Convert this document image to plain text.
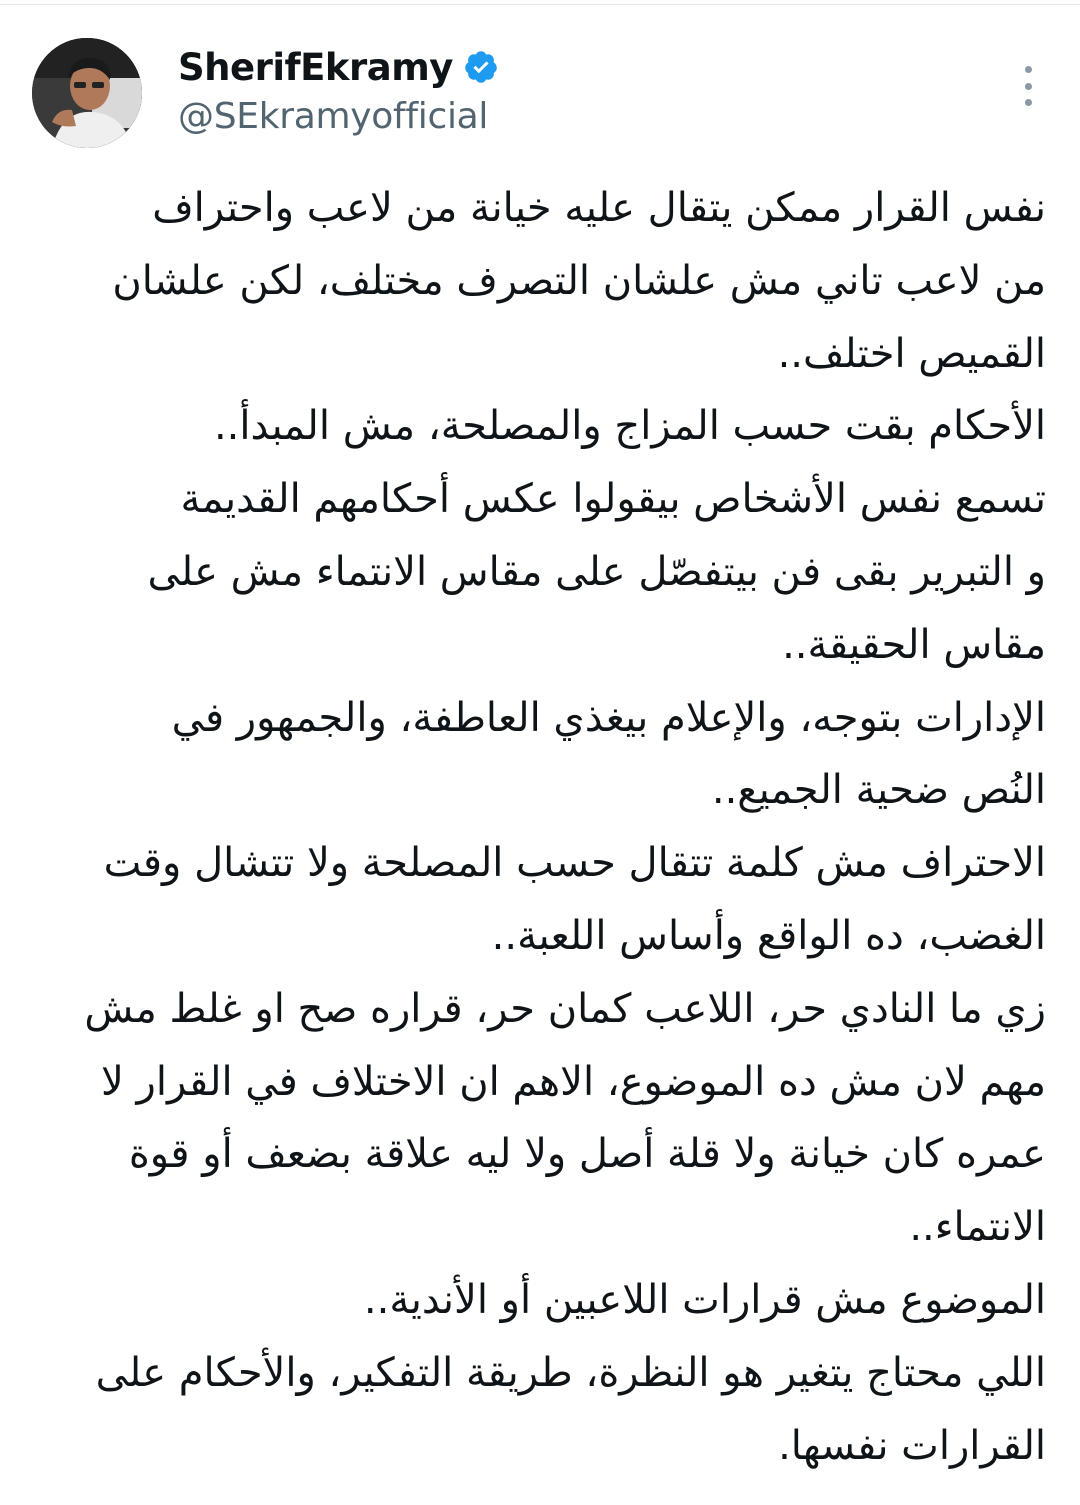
SherifEkramy
@SEkramyofficial
نفس القرار ممكن يتقال عليه خيانة من لاعب واحتراف
من لاعب تاني مش علشان التصرف مختلف، لكن علشان
القميص اختلف..
الأحكام بقت حسب المزاج والمصلحة، مش المبدأ..
تسمع نفس الأشخاص بيقولوا عكس أحكامهم القديمة
و التبرير بقى فن بيتفصّل على مقاس الانتماء مش على
مقاس الحقيقة..
الإدارات بتوجه، والإعلام بيغذي العاطفة، والجمهور في
النُص ضحية الجميع..
الاحتراف مش كلمة تتقال حسب المصلحة ولا تتشال وقت
الغضب، ده الواقع وأساس اللعبة..
زي ما النادي حر، اللاعب كمان حر، قراره صح او غلط مش
مهم لان مش ده الموضوع، الاهم ان الاختلاف في القرار لا
عمره كان خيانة ولا قلة أصل ولا ليه علاقة بضعف أو قوة
الانتماء..
الموضوع مش قرارات اللاعبين أو الأندية..
اللي محتاج يتغير هو النظرة، طريقة التفكير، والأحكام على
القرارات نفسها.
